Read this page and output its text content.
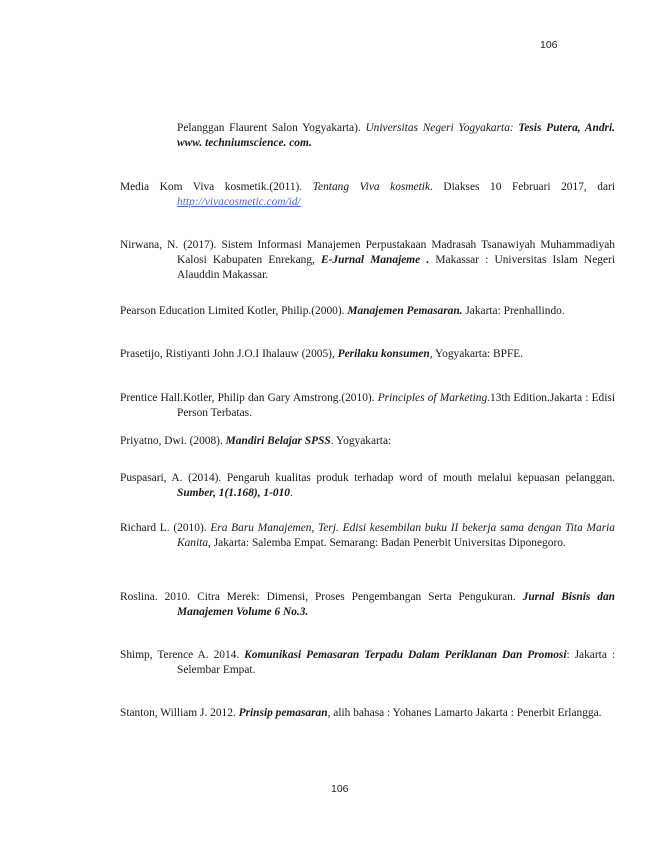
106
Pelanggan Flaurent Salon Yogyakarta). Universitas Negeri Yogyakarta: Tesis Putera, Andri. www. techniumscience. com.
Media Kom Viva kosmetik.(2011). Tentang Viva kosmetik. Diakses 10 Februari 2017, dari http://vivacosmetic.com/id/
Nirwana, N. (2017). Sistem Informasi Manajemen Perpustakaan Madrasah Tsanawiyah Muhammadiyah Kalosi Kabupaten Enrekang, E-Jurnal Manajeme . Makassar : Universitas Islam Negeri Alauddin Makassar.
Pearson Education Limited Kotler, Philip.(2000). Manajemen Pemasaran. Jakarta: Prenhallindo.
Prasetijo, Ristiyanti John J.O.I Ihalauw (2005), Perilaku konsumen, Yogyakarta: BPFE.
Prentice Hall.Kotler, Philip dan Gary Amstrong.(2010). Principles of Marketing.13th Edition.Jakarta : Edisi Person Terbatas.
Priyatno, Dwi. (2008). Mandiri Belajar SPSS. Yogyakarta:
Puspasari, A. (2014). Pengaruh kualitas produk terhadap word of mouth melalui kepuasan pelanggan. Sumber, 1(1.168), 1-010.
Richard L. (2010). Era Baru Manajemen, Terj. Edisi kesembilan buku II bekerja sama dengan Tita Maria Kanita, Jakarta: Salemba Empat. Semarang: Badan Penerbit Universitas Diponegoro.
Roslina. 2010. Citra Merek: Dimensi, Proses Pengembangan Serta Pengukuran. Jurnal Bisnis dan Manajemen Volume 6 No.3.
Shimp, Terence A. 2014. Komunikasi Pemasaran Terpadu Dalam Periklanan Dan Promosi: Jakarta : Selembar Empat.
Stanton, William J. 2012. Prinsip pemasaran, alih bahasa : Yohanes Lamarto Jakarta : Penerbit Erlangga.
106
